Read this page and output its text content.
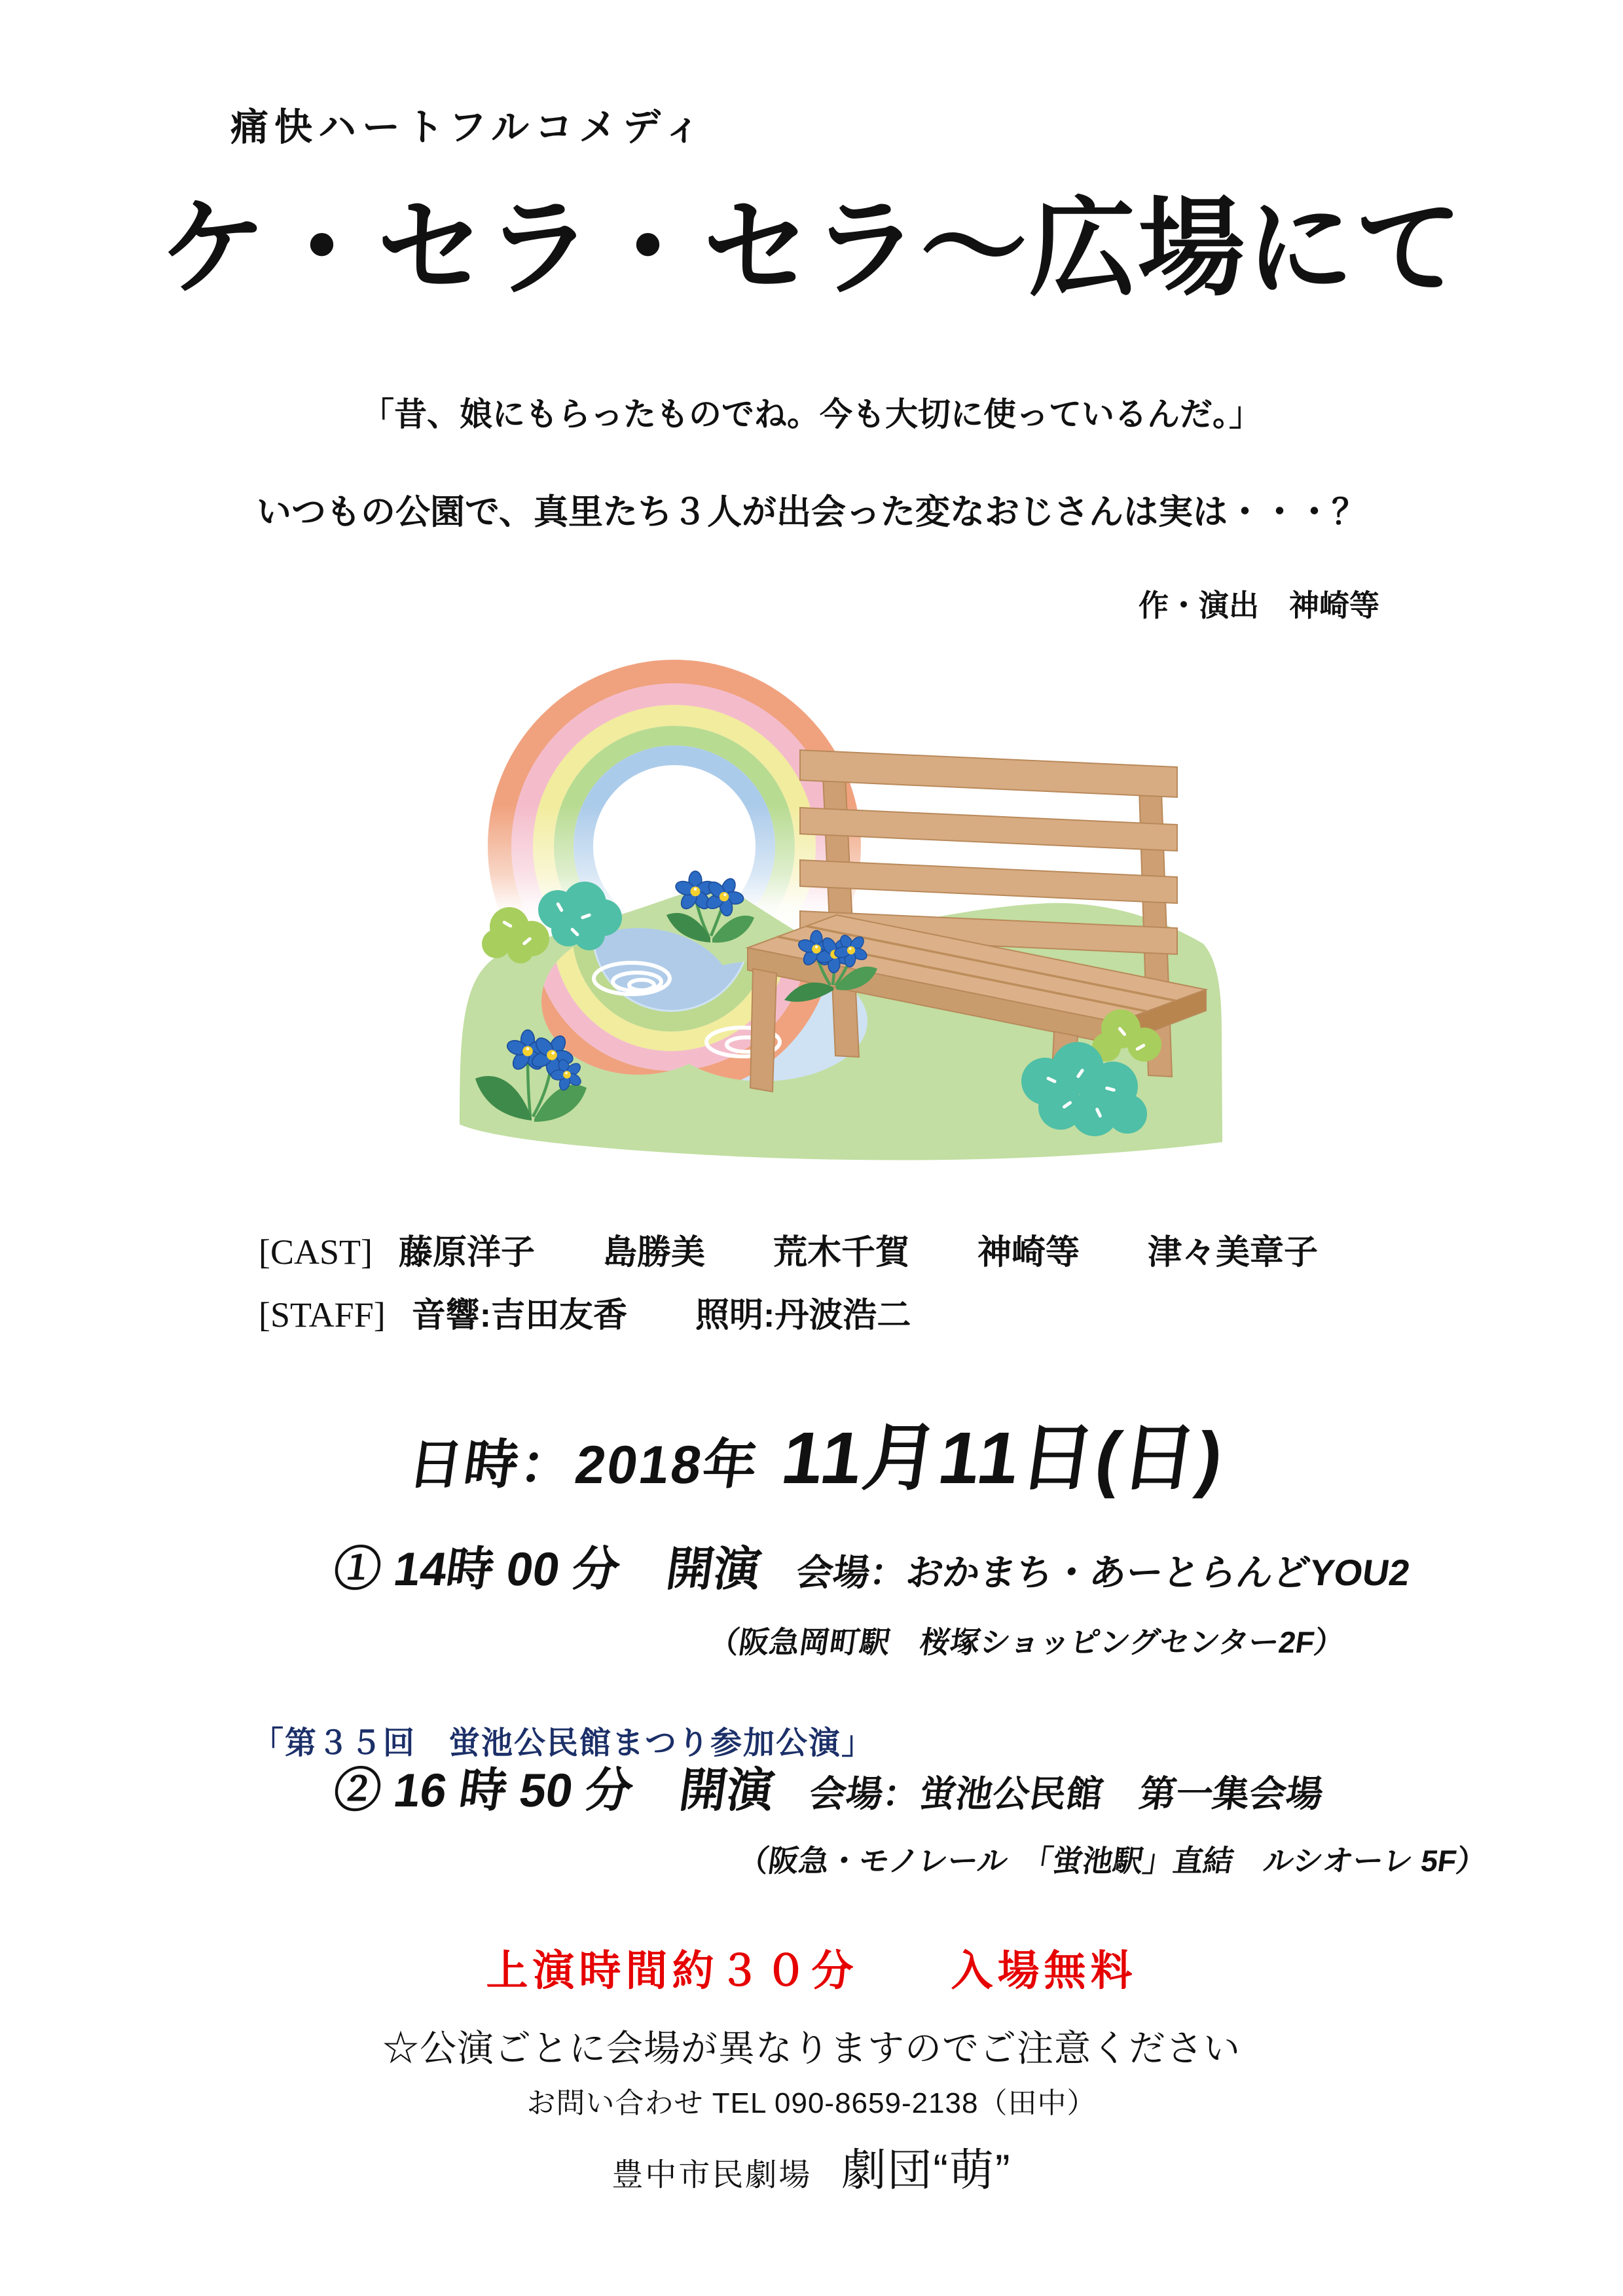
痛快ハートフルコメディ
ケ・セラ・セラ～広場にて
「昔、娘にもらったものでね。今も大切に使っているんだ。」
いつもの公園で、真里たち３人が出会った変なおじさんは実は・・・？
作・演出　神崎等
[CAST] 藤原洋子　　島勝美　　荒木千賀　　神崎等　　津々美章子
[STAFF] 音響:吉田友香　　照明:丹波浩二
日時：2018年 11月11日(日)
① 14時 00 分　開演 会場：おかまち・あーとらんどYOU2
（阪急岡町駅　桜塚ショッピングセンター2F）
「第３５回　蛍池公民館まつり参加公演」
② 16 時 50 分　開演 会場：蛍池公民館　第一集会場
（阪急・モノレール　「蛍池駅」直結　ルシオーレ 5F）
上演時間約３０分　　入場無料
☆公演ごとに会場が異なりますのでご注意ください
お問い合わせ TEL 090-8659-2138（田中）
豊中市民劇場 劇団“萌”
